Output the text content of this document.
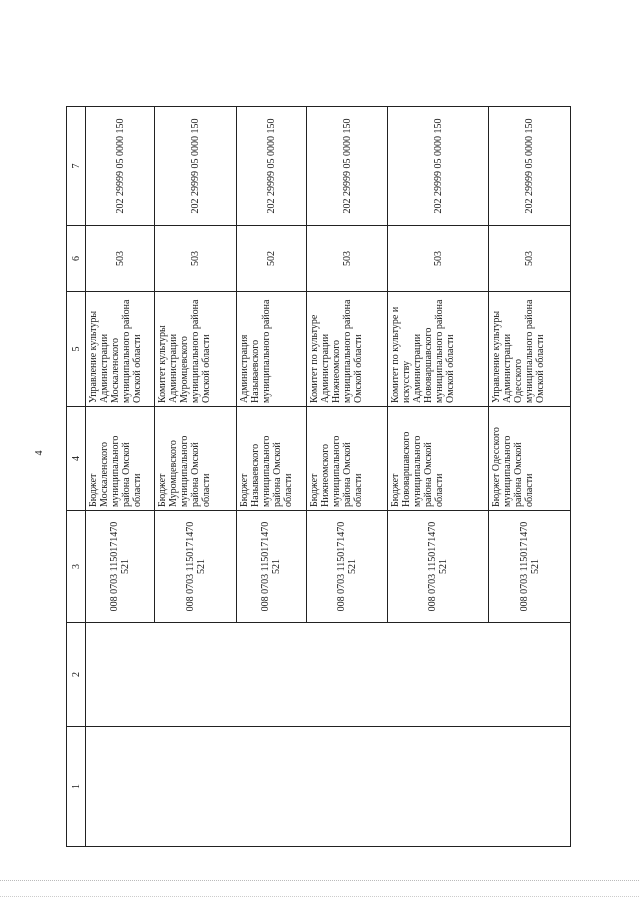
4
1	2	3	4	5	6	7
		008 0703 1150171470 521	Бюджет Москаленского муниципального района Омской области	Управление культуры Администрации Москаленского муниципального района Омской области	503	202 29999 05 0000 150
		008 0703 1150171470 521	Бюджет Муромцевского муниципального района Омской области	Комитет культуры Администрации Муромцевского муниципального района Омской области	503	202 29999 05 0000 150
		008 0703 1150171470 521	Бюджет Называевского муниципального района Омской области	Администрация Называевского муниципального района	502	202 29999 05 0000 150
		008 0703 1150171470 521	Бюджет Нижнеомского муниципального района Омской области	Комитет по культуре Администрации Нижнеомского муниципального района Омской области	503	202 29999 05 0000 150
		008 0703 1150171470 521	Бюджет Нововаршавского муниципального района Омской области	Комитет по культуре и искусству Администрации Нововаршавского муниципального района Омской области	503	202 29999 05 0000 150
		008 0703 1150171470 521	Бюджет Одесского муниципального района Омской области	Управление культуры Администрации Одесского муниципального района Омской области	503	202 29999 05 0000 150
